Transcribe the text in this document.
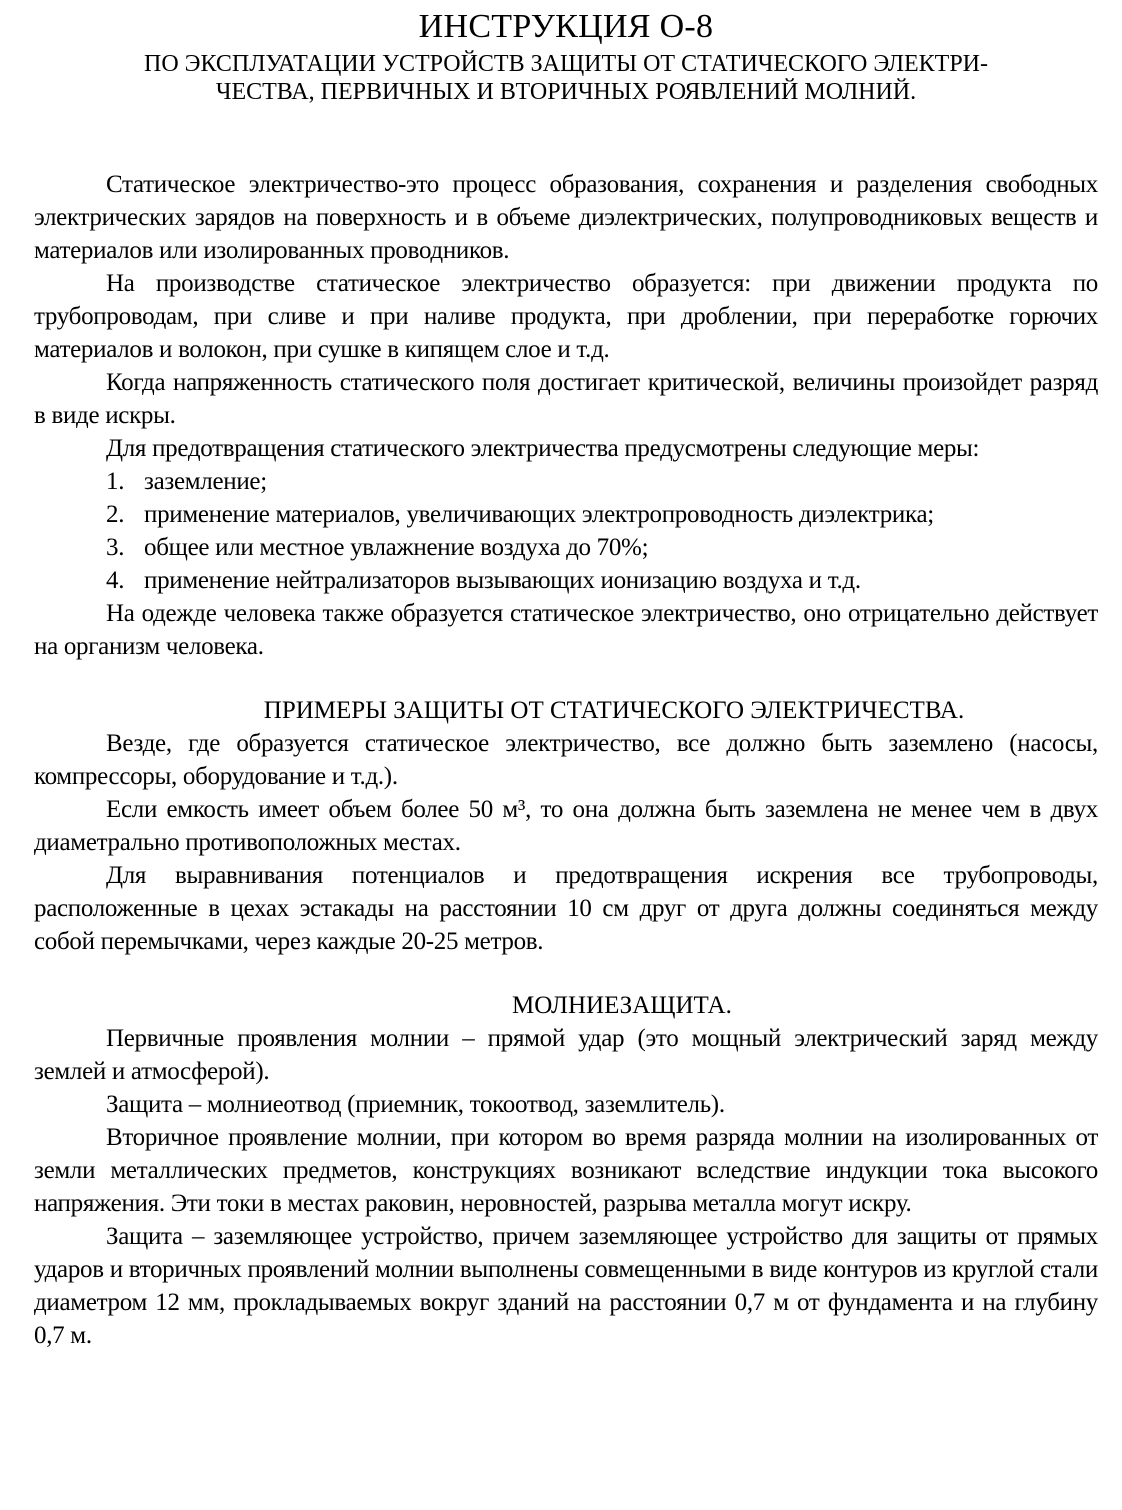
ИНСТРУКЦИЯ О-8
ПО ЭКСПЛУАТАЦИИ УСТРОЙСТВ ЗАЩИТЫ ОТ СТАТИЧЕСКОГО ЭЛЕКТРИ-
ЧЕСТВА, ПЕРВИЧНЫХ И ВТОРИЧНЫХ РОЯВЛЕНИЙ МОЛНИЙ.

Статическое электричество-это процесс образования, сохранения и разделения свободных электрических зарядов на поверхность и в объеме диэлектрических, полупроводниковых веществ и материалов или изолированных проводников.

На производстве статическое электричество образуется: при движении продукта по трубопроводам, при сливе и при наливе продукта, при дроблении, при переработке горючих материалов и волокон, при сушке в кипящем слое и т.д.

Когда напряженность статического поля достигает критической, величины произойдет разряд в виде искры.

Для предотвращения статического электричества предусмотрены следующие меры:

1. заземление;
2. применение материалов, увеличивающих электропроводность диэлектрика;
3. общее или местное увлажнение воздуха до 70%;
4. применение нейтрализаторов вызывающих ионизацию воздуха и т.д.

На одежде человека также образуется статическое электричество, оно отрицательно действует на организм человека.

ПРИМЕРЫ ЗАЩИТЫ ОТ СТАТИЧЕСКОГО ЭЛЕКТРИЧЕСТВА.

Везде, где образуется статическое электричество, все должно быть заземлено (насосы, компрессоры, оборудование и т.д.).

Если емкость имеет объем более 50 м³, то она должна быть заземлена не менее чем в двух диаметрально противоположных местах.

Для выравнивания потенциалов и предотвращения искрения все трубопроводы, расположенные в цехах эстакады на расстоянии 10 см друг от друга должны соединяться между собой перемычками, через каждые 20-25 метров.

МОЛНИЕЗАЩИТА.

Первичные проявления молнии – прямой удар (это мощный электрический заряд между землей и атмосферой).

Защита – молниеотвод (приемник, токоотвод, заземлитель).

Вторичное проявление молнии, при котором во время разряда молнии на изолированных от земли металлических предметов, конструкциях возникают вследствие индукции тока высокого напряжения. Эти токи в местах раковин, неровностей, разрыва металла могут искру.

Защита – заземляющее устройство, причем заземляющее устройство для защиты от прямых ударов и вторичных проявлений молнии выполнены совмещенными в виде контуров из круглой стали диаметром 12 мм, прокладываемых вокруг зданий на расстоянии 0,7 м от фундамента и на глубину 0,7 м.
